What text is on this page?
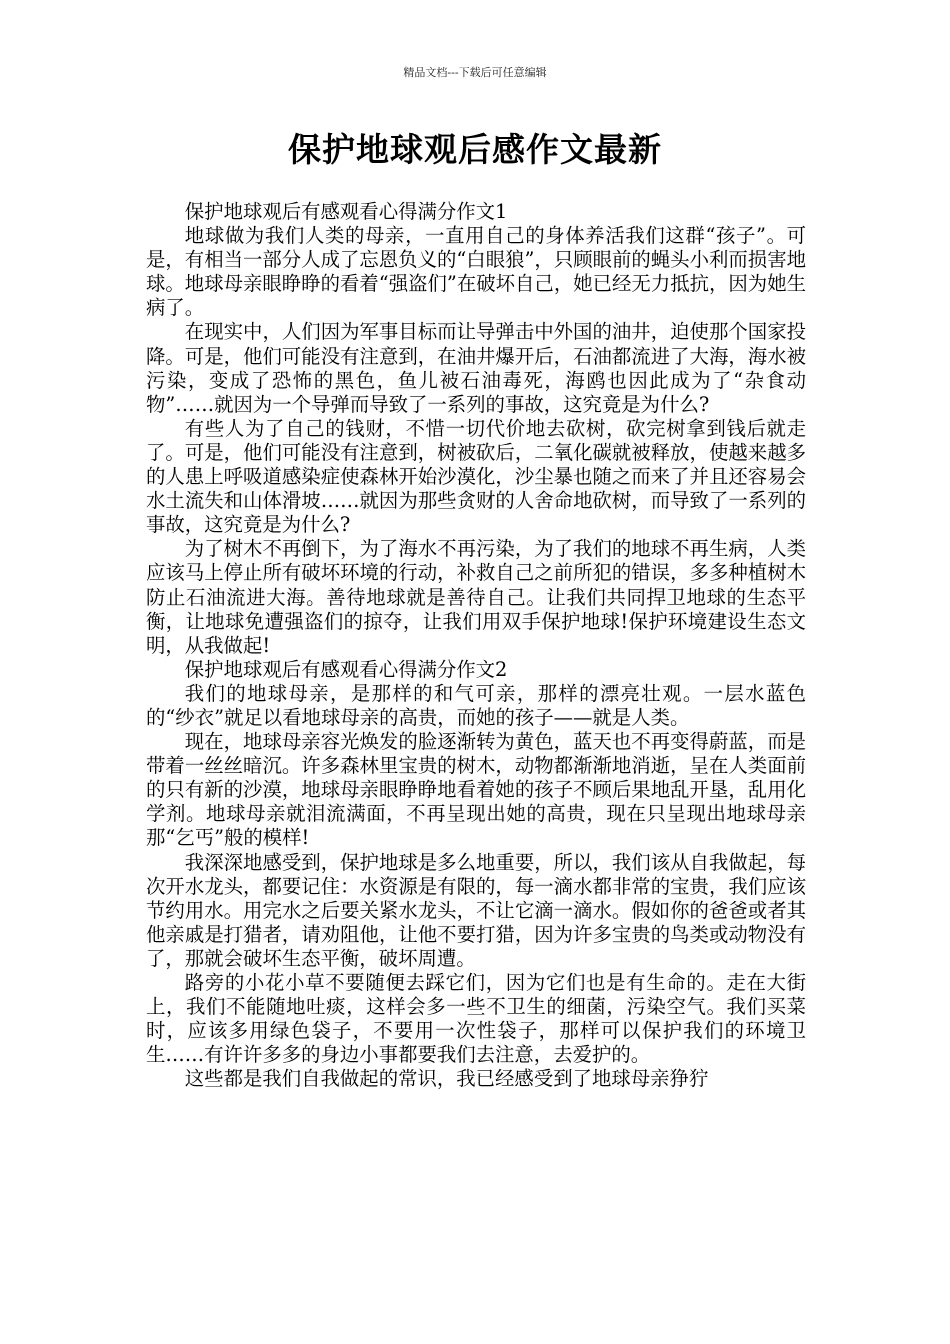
精品文档---下载后可任意编辑
保护地球观后感作文最新

保护地球观后有感观看心得满分作文1

地球做为我们人类的母亲，一直用自己的身体养活我们这群“孩子”。可是，有相当一部分人成了忘恩负义的“白眼狼”，只顾眼前的蝇头小利而损害地球。地球母亲眼睁睁的看着“强盗们”在破坏自己，她已经无力抵抗，因为她生病了。

在现实中，人们因为军事目标而让导弹击中外国的油井，迫使那个国家投降。可是，他们可能没有注意到，在油井爆开后，石油都流进了大海，海水被污染，变成了恐怖的黑色，鱼儿被石油毒死，海鸥也因此成为了“杂食动物”……就因为一个导弹而导致了一系列的事故，这究竟是为什么?

有些人为了自己的钱财，不惜一切代价地去砍树，砍完树拿到钱后就走了。可是，他们可能没有注意到，树被砍后，二氧化碳就被释放，使越来越多的人患上呼吸道感染症使森林开始沙漠化，沙尘暴也随之而来了并且还容易会水土流失和山体滑坡……就因为那些贪财的人舍命地砍树，而导致了一系列的事故，这究竟是为什么?

为了树木不再倒下，为了海水不再污染，为了我们的地球不再生病，人类应该马上停止所有破坏环境的行动，补救自己之前所犯的错误，多多种植树木防止石油流进大海。善待地球就是善待自己。让我们共同捍卫地球的生态平衡，让地球免遭强盗们的掠夺，让我们用双手保护地球!保护环境建设生态文明，从我做起!

保护地球观后有感观看心得满分作文2

我们的地球母亲，是那样的和气可亲，那样的漂亮壮观。一层水蓝色的“纱衣”就足以看地球母亲的高贵，而她的孩子——就是人类。

现在，地球母亲容光焕发的脸逐渐转为黄色，蓝天也不再变得蔚蓝，而是带着一丝丝暗沉。许多森林里宝贵的树木，动物都渐渐地消逝，呈在人类面前的只有新的沙漠，地球母亲眼睁睁地看着她的孩子不顾后果地乱开垦，乱用化学剂。地球母亲就泪流满面，不再呈现出她的高贵，现在只呈现出地球母亲那“乞丐”般的模样!

我深深地感受到，保护地球是多么地重要，所以，我们该从自我做起，每次开水龙头，都要记住：水资源是有限的，每一滴水都非常的宝贵，我们应该节约用水。用完水之后要关紧水龙头，不让它滴一滴水。假如你的爸爸或者其他亲戚是打猎者，请劝阻他，让他不要打猎，因为许多宝贵的鸟类或动物没有了，那就会破坏生态平衡，破坏周遭。

路旁的小花小草不要随便去踩它们，因为它们也是有生命的。走在大街上，我们不能随地吐痰，这样会多一些不卫生的细菌，污染空气。我们买菜时，应该多用绿色袋子，不要用一次性袋子，那样可以保护我们的环境卫生……有许许多多的身边小事都要我们去注意，去爱护的。

这些都是我们自我做起的常识，我已经感受到了地球母亲狰狞
